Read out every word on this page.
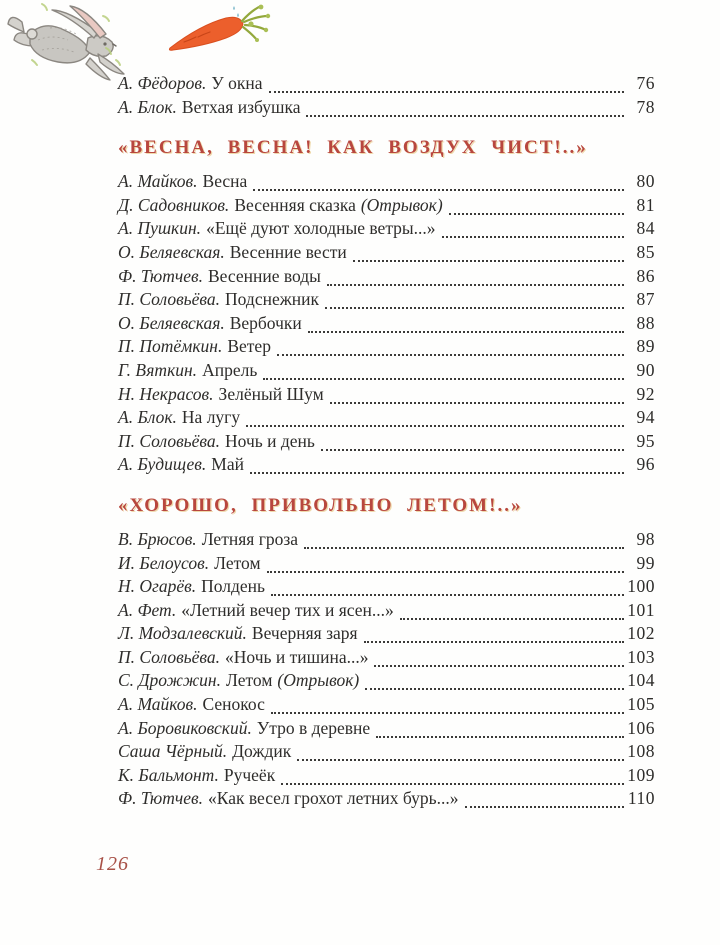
А. Фёдоров. У окна	76
А. Блок. Ветхая избушка	78
«ВЕСНА, ВЕСНА! КАК ВОЗДУХ ЧИСТ!..»
А. Майков. Весна	80
Д. Садовников. Весенняя сказка (Отрывок)	81
А. Пушкин. «Ещё дуют холодные ветры...»	84
О. Беляевская. Весенние вести	85
Ф. Тютчев. Весенние воды	86
П. Соловьёва. Подснежник	87
О. Беляевская. Вербочки	88
П. Потёмкин. Ветер	89
Г. Вяткин. Апрель	90
Н. Некрасов. Зелёный Шум	92
А. Блок. На лугу	94
П. Соловьёва. Ночь и день	95
А. Будищев. Май	96
«ХОРОШО, ПРИВОЛЬНО ЛЕТОМ!..»
В. Брюсов. Летняя гроза	98
И. Белоусов. Летом	99
Н. Огарёв. Полдень	100
А. Фет. «Летний вечер тих и ясен...»	101
Л. Модзалевский. Вечерняя заря	102
П. Соловьёва. «Ночь и тишина...»	103
С. Дрожжин. Летом (Отрывок)	104
А. Майков. Сенокос	105
А. Боровиковский. Утро в деревне	106
Саша Чёрный. Дождик	108
К. Бальмонт. Ручеёк	109
Ф. Тютчев. «Как весел грохот летних бурь...»	110
126
